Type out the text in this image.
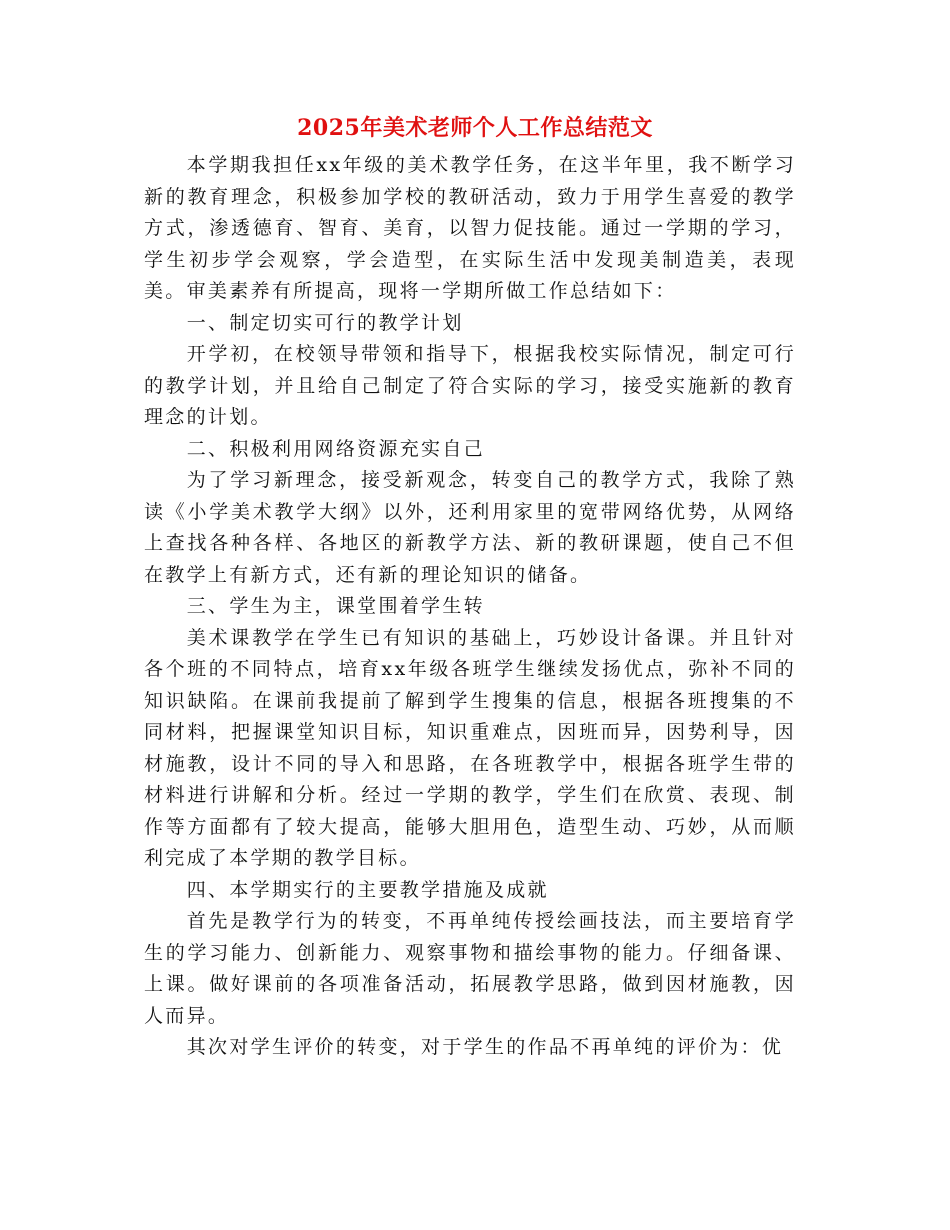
2025年美术老师个人工作总结范文

本学期我担任xx年级的美术教学任务，在这半年里，我不断学习新的教育理念，积极参加学校的教研活动，致力于用学生喜爱的教学方式，渗透德育、智育、美育，以智力促技能。通过一学期的学习，学生初步学会观察，学会造型，在实际生活中发现美制造美，表现美。审美素养有所提高，现将一学期所做工作总结如下：

一、制定切实可行的教学计划

开学初，在校领导带领和指导下，根据我校实际情况，制定可行的教学计划，并且给自己制定了符合实际的学习，接受实施新的教育理念的计划。

二、积极利用网络资源充实自己

为了学习新理念，接受新观念，转变自己的教学方式，我除了熟读《小学美术教学大纲》以外，还利用家里的宽带网络优势，从网络上查找各种各样、各地区的新教学方法、新的教研课题，使自己不但在教学上有新方式，还有新的理论知识的储备。

三、学生为主，课堂围着学生转

美术课教学在学生已有知识的基础上，巧妙设计备课。并且针对各个班的不同特点，培育xx年级各班学生继续发扬优点，弥补不同的知识缺陷。在课前我提前了解到学生搜集的信息，根据各班搜集的不同材料，把握课堂知识目标，知识重难点，因班而异，因势利导，因材施教，设计不同的导入和思路，在各班教学中，根据各班学生带的材料进行讲解和分析。经过一学期的教学，学生们在欣赏、表现、制作等方面都有了较大提高，能够大胆用色，造型生动、巧妙，从而顺利完成了本学期的教学目标。

四、本学期实行的主要教学措施及成就

首先是教学行为的转变，不再单纯传授绘画技法，而主要培育学生的学习能力、创新能力、观察事物和描绘事物的能力。仔细备课、上课。做好课前的各项准备活动，拓展教学思路，做到因材施教，因人而异。

其次对学生评价的转变，对于学生的作品不再单纯的评价为：优
